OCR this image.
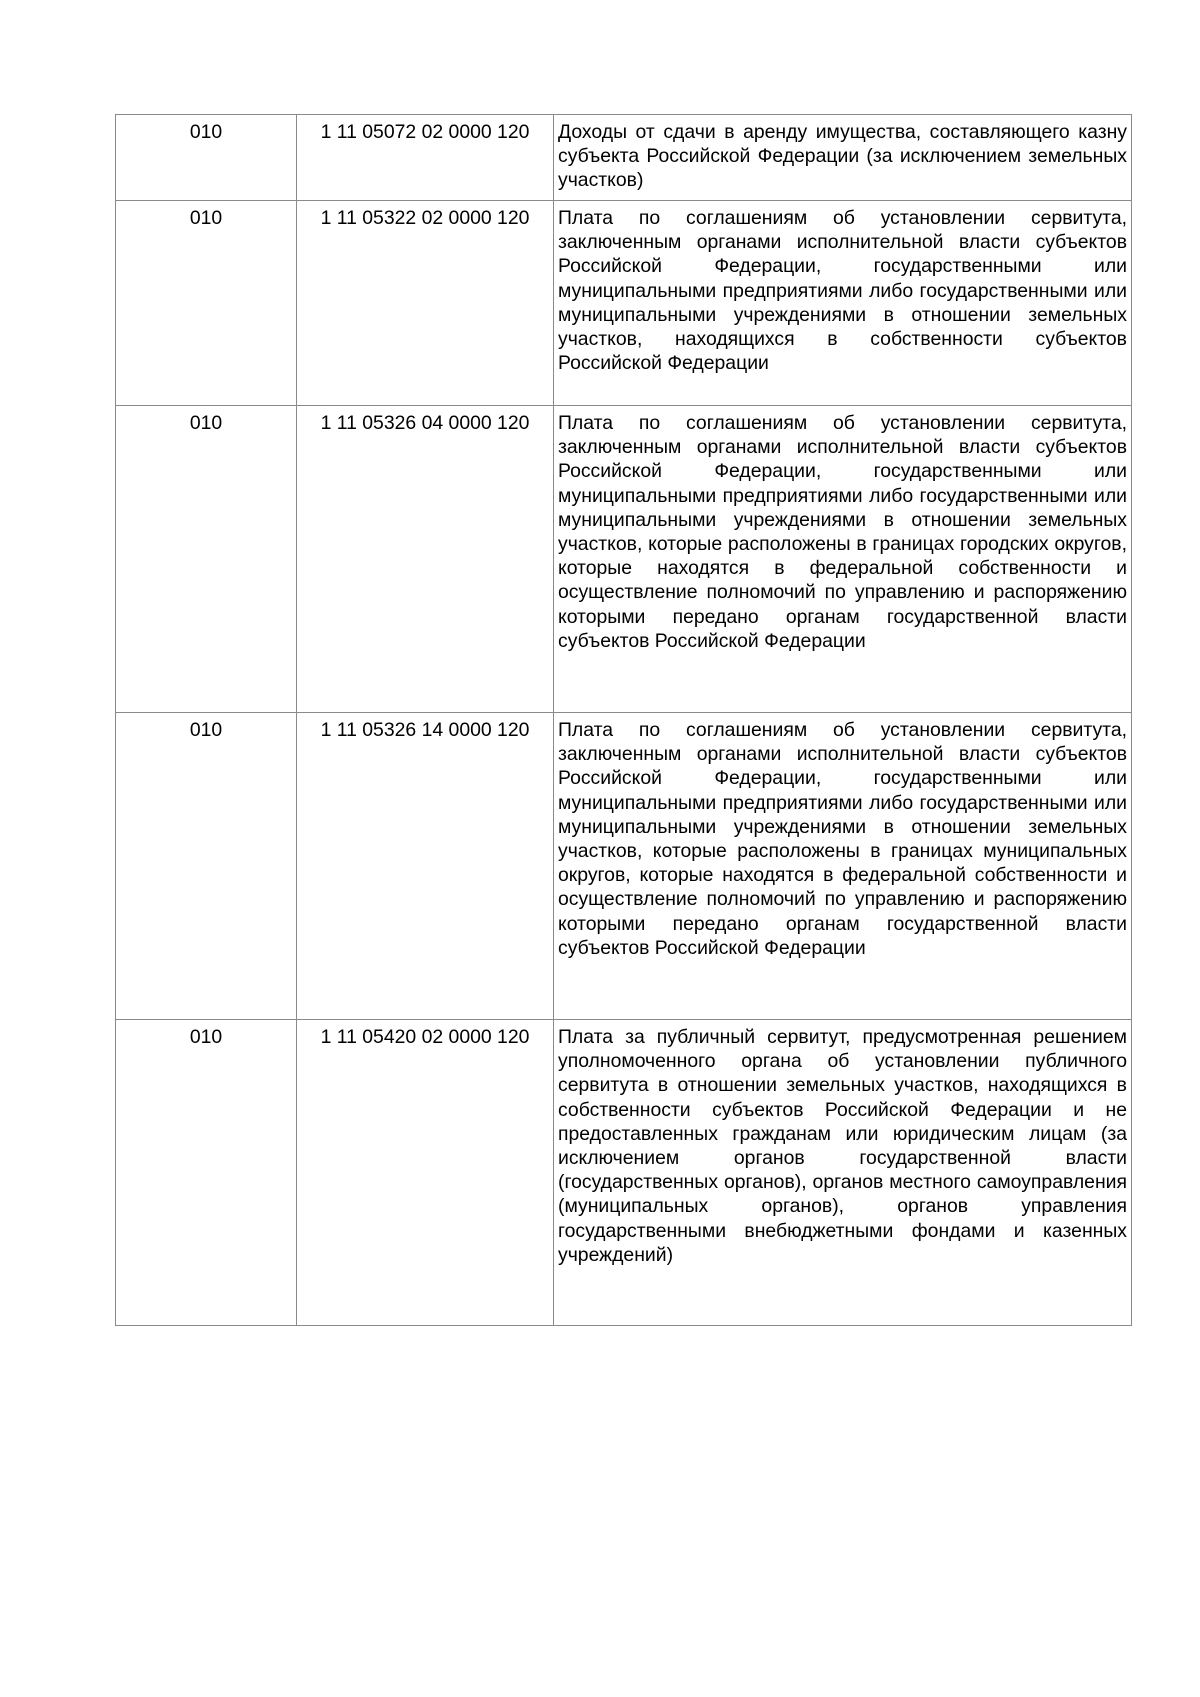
010	1 11 05072 02 0000 120	Доходы от сдачи в аренду имущества, составляющего казну субъекта Российской Федерации (за исключением земельных участков)
010	1 11 05322 02 0000 120	Плата по соглашениям об установлении сервитута, заключенным органами исполнительной власти субъектов Российской Федерации, государственными или муниципальными предприятиями либо государственными или муниципальными учреждениями в отношении земельных участков, находящихся в собственности субъектов Российской Федерации
010	1 11 05326 04 0000 120	Плата по соглашениям об установлении сервитута, заключенным органами исполнительной власти субъектов Российской Федерации, государственными или муниципальными предприятиями либо государственными или муниципальными учреждениями в отношении земельных участков, которые расположены в границах городских округов, которые находятся в федеральной собственности и осуществление полномочий по управлению и распоряжению которыми передано органам государственной власти субъектов Российской Федерации
010	1 11 05326 14 0000 120	Плата по соглашениям об установлении сервитута, заключенным органами исполнительной власти субъектов Российской Федерации, государственными или муниципальными предприятиями либо государственными или муниципальными учреждениями в отношении земельных участков, которые расположены в границах муниципальных округов, которые находятся в федеральной собственности и осуществление полномочий по управлению и распоряжению которыми передано органам государственной власти субъектов Российской Федерации
010	1 11 05420 02 0000 120	Плата за публичный сервитут, предусмотренная решением уполномоченного органа об установлении публичного сервитута в отношении земельных участков, находящихся в собственности субъектов Российской Федерации и не предоставленных гражданам или юридическим лицам (за исключением органов государственной власти (государственных органов), органов местного самоуправления (муниципальных органов), органов управления государственными внебюджетными фондами и казенных учреждений)
